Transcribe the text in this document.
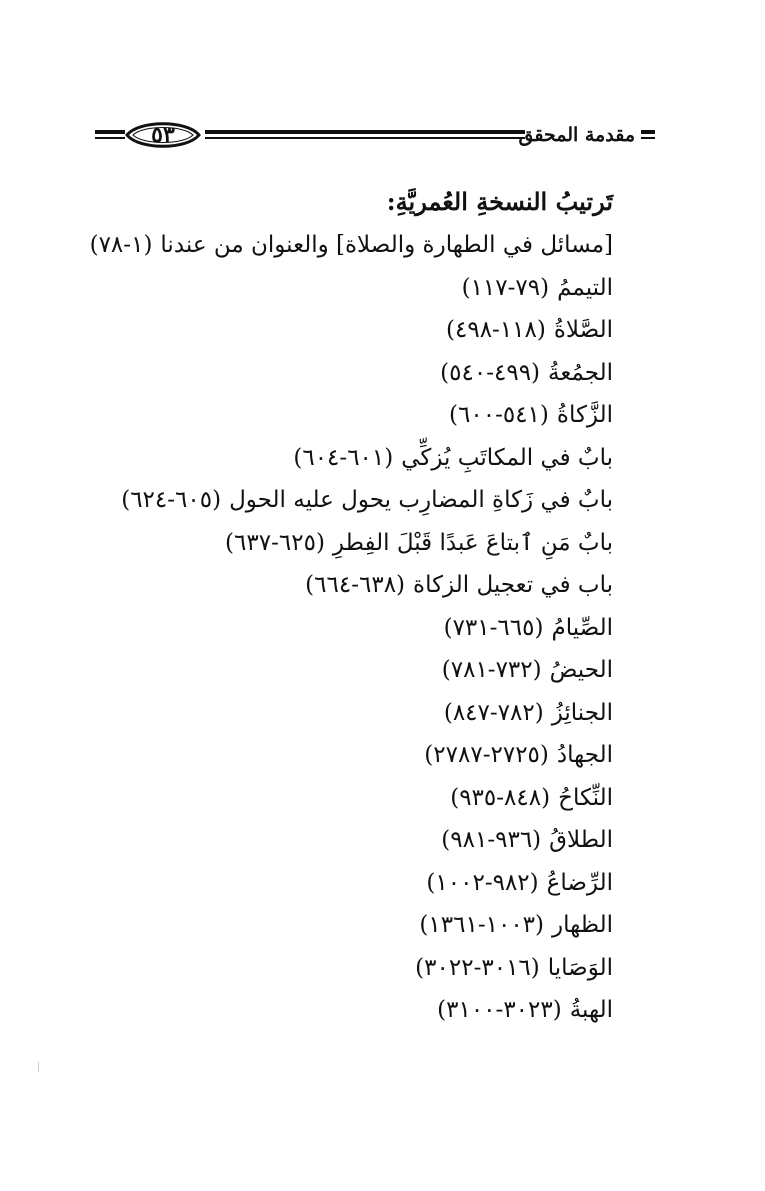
٥٣	مقدمة المحقق
تَرتيبُ النسخةِ العُمريَّةِ:
[مسائل في الطهارة والصلاة] والعنوان من عندنا(١-٧٨)
التيممُ(٧٩-١١٧)
الصَّلاةُ(١١٨-٤٩٨)
الجمُعةُ(٤٩٩-٥٤٠)
الزَّكاةُ(٥٤١-٦٠٠)
بابٌ في المكاتَبِ يُزكِّي(٦٠١-٦٠٤)
بابٌ في زَكاةِ المضارِب يحول عليه الحول(٦٠٥-٦٢٤)
بابٌ مَنِ ٱبتاعَ عَبدًا قَبْلَ الفِطرِ(٦٢٥-٦٣٧)
باب في تعجيل الزكاة(٦٣٨-٦٦٤)
الصِّيامُ(٦٦٥-٧٣١)
الحيضُ(٧٣٢-٧٨١)
الجنائِزُ(٧٨٢-٨٤٧)
الجهادُ(٢٧٢٥-٢٧٨٧)
النِّكاحُ(٨٤٨-٩٣٥)
الطلاقُ(٩٣٦-٩٨١)
الرِّضاعُ(٩٨٢-١٠٠٢)
الظهار(١٠٠٣-١٣٦١)
الوَصَايا(٣٠١٦-٣٠٢٢)
الهبةُ(٣٠٢٣-٣١٠٠)
